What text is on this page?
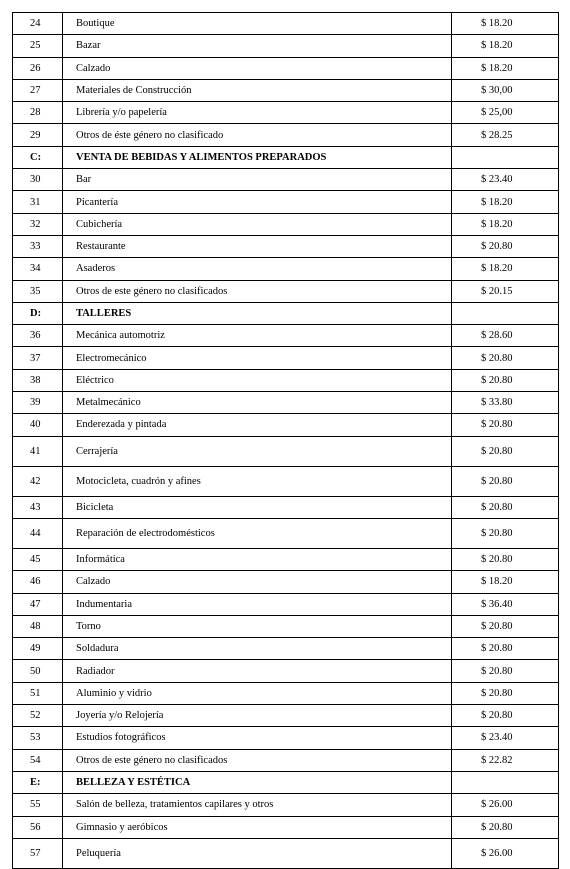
24	Boutique	$ 18.20
25	Bazar	$ 18.20
26	Calzado	$ 18.20
27	Materiales de Construcción	$ 30,00
28	Librería y/o papelería	$ 25,00
29	Otros de éste género no clasificado	$ 28.25
C:	VENTA DE BEBIDAS Y ALIMENTOS PREPARADOS	
30	Bar	$ 23.40
31	Picantería	$ 18.20
32	Cubichería	$ 18.20
33	Restaurante	$ 20.80
34	Asaderos	$ 18.20
35	Otros de este género no clasificados	$ 20.15
D:	TALLERES	
36	Mecánica automotriz	$ 28.60
37	Electromecánico	$ 20.80
38	Eléctrico	$ 20.80
39	Metalmecánico	$ 33.80
40	Enderezada y pintada	$ 20.80
41	Cerrajería	$ 20.80
42	Motocicleta, cuadrón y afines	$ 20.80
43	Bicicleta	$ 20.80
44	Reparación de electrodomésticos	$ 20.80
45	Informática	$ 20.80
46	Calzado	$ 18.20
47	Indumentaria	$ 36.40
48	Torno	$ 20.80
49	Soldadura	$ 20.80
50	Radiador	$ 20.80
51	Aluminio y vidrio	$ 20.80
52	Joyería y/o Relojería	$ 20.80
53	Estudios fotográficos	$ 23.40
54	Otros de este género no clasificados	$ 22.82
E:	BELLEZA Y ESTÉTICA	
55	Salón de belleza, tratamientos capilares y otros	$ 26.00
56	Gimnasio y aeróbicos	$ 20.80
57	Peluquería	$ 26.00
